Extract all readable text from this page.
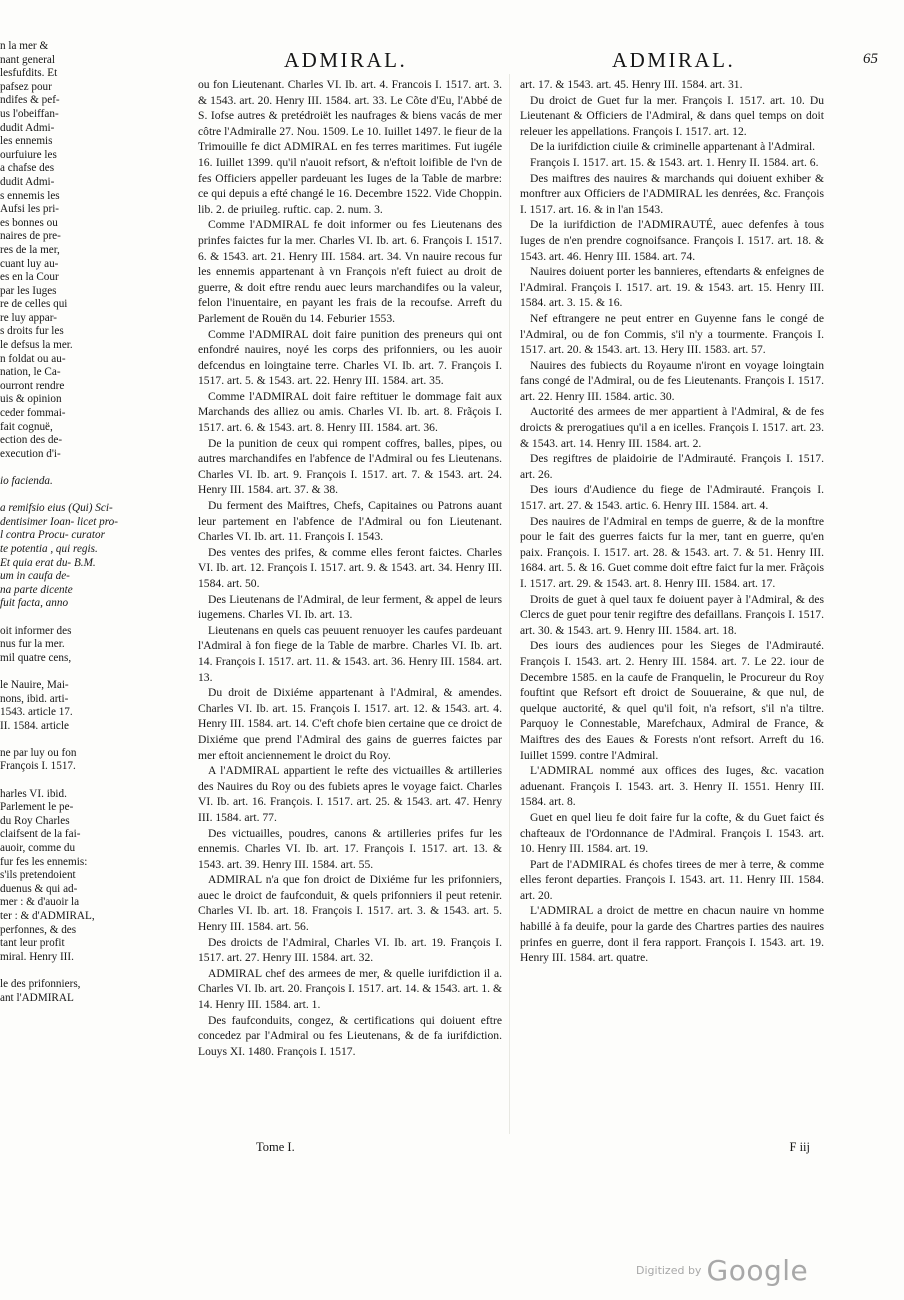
n la mer &
nant general
lesfufdits. Et
pafsez pour
ndifes & pef-
us l'obeiffan-
dudit Admi-
les ennemis
ourfuiure les
a chafse des
dudit Admi-
s ennemis les
Aufsi les pri-
es bonnes ou
naires de pre-
res de la mer,
cuant luy au-
es en la Cour
par les Iuges
re de celles qui
re luy appar-
s droits fur les
le defsus la mer.
n foldat ou au-
nation, le Ca-
ourront rendre
uis & opinion
ceder fommai-
fait cognuë,
ection des de-
execution d'i-
io facienda.
a remifsio eius (Qui) Sci-
dentisimer Ioan- licet pro-
l contra Procu- curator
te potentia , qui regis.
Et quia erat du- B.M.
um in caufa de-
na parte dicente
fuit facta, anno
oit informer des
nus fur la mer.
mil quatre cens,
le Nauire, Mai-
nons, ibid. arti-
1543. article 17.
II. 1584. article
ne par luy ou fon
François I. 1517.
harles VI. ibid.
Parlement le pe-
du Roy Charles
claifsent de la fai-
auoir, comme du
fur fes les ennemis:
s'ils pretendoient
duenus & qui ad-
mer : & d'auoir la
ter : & d'ADMIRAL,
perfonnes, & des
tant leur profit
miral. Henry III.
le des prifonniers,
ant l'ADMIRAL
ADMIRAL.	ADMIRAL.	65

ou fon Lieutenant. Charles VI. Ib. art. 4. Francois I. 1517. art. 3. & 1543. art. 20. Henry III. 1584. art. 33. Le Cõte d'Eu, l'Abbé de S. Iofse autres & pretédroiët les naufrages & biens vacás de mer côtre l'Admiralle 27. Nou. 1509. Le 10. Iuillet 1497. le fieur de la Trimouille fe dict ADMIRAL en fes terres maritimes. Fut iugéle 16. Iuillet 1399. qu'il n'auoit refsort, & n'eftoit loifible de l'vn de fes Officiers appeller pardeuant les Iuges de la Table de marbre: ce qui depuis a efté changé le 16. Decembre 1522. Vide Choppin. lib. 2. de priuileg. ruftic. cap. 2. num. 3.

Comme l'ADMIRAL fe doit informer ou fes Lieutenans des prinfes faictes fur la mer. Charles VI. Ib. art. 6. François I. 1517. 6. & 1543. art. 21. Henry III. 1584. art. 34. Vn nauire recous fur les ennemis appartenant à vn François n'eft fuiect au droit de guerre, & doit eftre rendu auec leurs marchandifes ou la valeur, felon l'inuentaire, en payant les frais de la recoufse. Arreft du Parlement de Rouën du 14. Feburier 1553.

Comme l'ADMIRAL doit faire punition des preneurs qui ont enfondré nauires, noyé les corps des prifonniers, ou les auoir defcendus en loingtaine terre. Charles VI. Ib. art. 7. François I. 1517. art. 5. & 1543. art. 22. Henry III. 1584. art. 35.

Comme l'ADMIRAL doit faire reftituer le dommage fait aux Marchands des alliez ou amis. Charles VI. Ib. art. 8. Frãçois I. 1517. art. 6. & 1543. art. 8. Henry III. 1584. art. 36.

De la punition de ceux qui rompent coffres, balles, pipes, ou autres marchandifes en l'abfence de l'Admiral ou fes Lieutenans. Charles VI. Ib. art. 9. François I. 1517. art. 7. & 1543. art. 24. Henry III. 1584. art. 37. & 38.

Du ferment des Maiftres, Chefs, Capitaines ou Patrons auant leur partement en l'abfence de l'Admiral ou fon Lieutenant. Charles VI. Ib. art. 11. François I. 1543.

Des ventes des prifes, & comme elles feront faictes. Charles VI. Ib. art. 12. François I. 1517. art. 9. & 1543. art. 34. Henry III. 1584. art. 50.

Des Lieutenans de l'Admiral, de leur ferment, & appel de leurs iugemens. Charles VI. Ib. art. 13.

Lieutenans en quels cas peuuent renuoyer les caufes pardeuant l'Admiral à fon fiege de la Table de marbre. Charles VI. Ib. art. 14. François I. 1517. art. 11. & 1543. art. 36. Henry III. 1584. art. 13.

Du droit de Dixiéme appartenant à l'Admiral, & amendes. Charles VI. Ib. art. 15. François I. 1517. art. 12. & 1543. art. 4. Henry III. 1584. art. 14. C'eft chofe bien certaine que ce droict de Dixiéme que prend l'Admiral des gains de guerres faictes par mer eftoit anciennement le droict du Roy.

A l'ADMIRAL appartient le refte des victuailles & artilleries des Nauires du Roy ou des fubiets apres le voyage faict. Charles VI. Ib. art. 16. François. I. 1517. art. 25. & 1543. art. 47. Henry III. 1584. art. 77.

Des victuailles, poudres, canons & artilleries prifes fur les ennemis. Charles VI. Ib. art. 17. François I. 1517. art. 13. & 1543. art. 39. Henry III. 1584. art. 55.

ADMIRAL n'a que fon droict de Dixiéme fur les prifonniers, auec le droict de faufconduit, & quels prifonniers il peut retenir. Charles VI. Ib. art. 18. François I. 1517. art. 3. & 1543. art. 5. Henry III. 1584. art. 56.

Des droicts de l'Admiral, Charles VI. Ib. art. 19. François I. 1517. art. 27. Henry III. 1584. art. 32.

ADMIRAL chef des armees de mer, & quelle iurifdiction il a. Charles VI. Ib. art. 20. François I. 1517. art. 14. & 1543. art. 1. & 14. Henry III. 1584. art. 1.

Des faufconduits, congez, & certifications qui doiuent eftre concedez par l'Admiral ou fes Lieutenans, & de fa iurifdiction. Louys XI. 1480. François I. 1517.

art. 17. & 1543. art. 45. Henry III. 1584. art. 31.

Du droict de Guet fur la mer. François I. 1517. art. 10. Du Lieutenant & Officiers de l'Admiral, & dans quel temps on doit releuer les appellations. François I. 1517. art. 12.

De la iurifdiction ciuile & criminelle appartenant à l'Admiral.

François I. 1517. art. 15. & 1543. art. 1. Henry II. 1584. art. 6.

Des maiftres des nauires & marchands qui doiuent exhiber & monftrer aux Officiers de l'ADMIRAL les denrées, &c. François I. 1517. art. 16. & in l'an 1543.

De la iurifdiction de l'ADMIRAUTÉ, auec defenfes à tous Iuges de n'en prendre cognoifsance. François I. 1517. art. 18. & 1543. art. 46. Henry III. 1584. art. 74.

Nauires doiuent porter les bannieres, eftendarts & enfeignes de l'Admiral. François I. 1517. art. 19. & 1543. art. 15. Henry III. 1584. art. 3. 15. & 16.

Nef eftrangere ne peut entrer en Guyenne fans le congé de l'Admiral, ou de fon Commis, s'il n'y a tourmente. François I. 1517. art. 20. & 1543. art. 13. Hery III. 1583. art. 57.

Nauires des fubiects du Royaume n'iront en voyage loingtain fans congé de l'Admiral, ou de fes Lieutenants. François I. 1517. art. 22. Henry III. 1584. artic. 30.

Auctorité des armees de mer appartient à l'Admiral, & de fes droicts & prerogatiues qu'il a en icelles. François I. 1517. art. 23. & 1543. art. 14. Henry III. 1584. art. 2.

Des regiftres de plaidoirie de l'Admirauté. François I. 1517. art. 26.

Des iours d'Audience du fiege de l'Admirauté. François I. 1517. art. 27. & 1543. artic. 6. Henry III. 1584. art. 4.

Des nauires de l'Admiral en temps de guerre, & de la monftre pour le fait des guerres faicts fur la mer, tant en guerre, qu'en paix. François. I. 1517. art. 28. & 1543. art. 7. & 51. Henry III. 1684. art. 5. & 16. Guet comme doit eftre faict fur la mer. Frãçois I. 1517. art. 29. & 1543. art. 8. Henry III. 1584. art. 17.

Droits de guet à quel taux fe doiuent payer à l'Admiral, & des Clercs de guet pour tenir regiftre des defaillans. François I. 1517. art. 30. & 1543. art. 9. Henry III. 1584. art. 18.

Des iours des audiences pour les Sieges de l'Admirauté. François I. 1543. art. 2. Henry III. 1584. art. 7. Le 22. iour de Decembre 1585. en la caufe de Franquelin, le Procureur du Roy fouftint que Refsort eft droict de Souueraine, & que nul, de quelque auctorité, & quel qu'il foit, n'a refsort, s'il n'a tiltre. Parquoy le Connestable, Marefchaux, Admiral de France, & Maiftres des des Eaues & Forests n'ont refsort. Arreft du 16. Iuillet 1599. contre l'Admiral.

L'ADMIRAL nommé aux offices des Iuges, &c. vacation aduenant. François I. 1543. art. 3. Henry II. 1551. Henry III. 1584. art. 8.

Guet en quel lieu fe doit faire fur la cofte, & du Guet faict és chafteaux de l'Ordonnance de l'Admiral. François I. 1543. art. 10. Henry III. 1584. art. 19.

Part de l'ADMIRAL és chofes tirees de mer à terre, & comme elles feront departies. François I. 1543. art. 11. Henry III. 1584. art. 20.

L'ADMIRAL a droict de mettre en chacun nauire vn homme habillé à fa deuife, pour la garde des Chartres parties des nauires prinfes en guerre, dont il fera rapport. François I. 1543. art. 19. Henry III. 1584. art. quatre.

Tome I.	F iij
$^{Digitized by}$ Google
